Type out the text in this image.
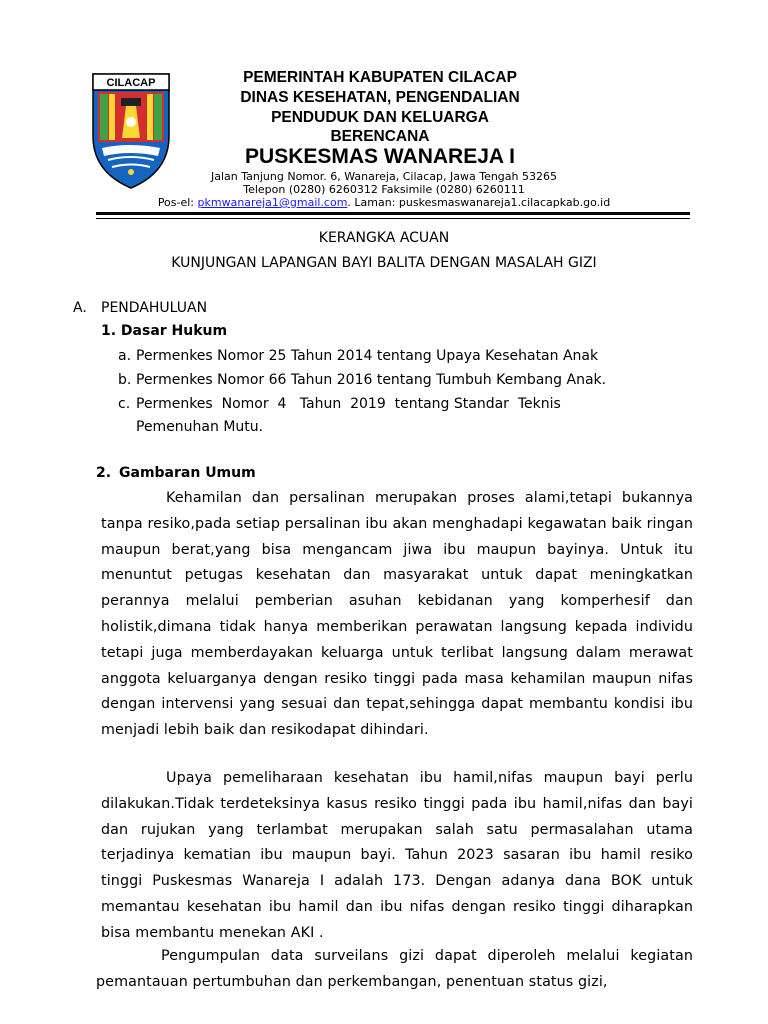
CILACAP	PEMERINTAH KABUPATEN CILACAP
DINAS KESEHATAN, PENGENDALIAN
PENDUDUK DAN KELUARGA
BERENCANA
PUSKESMAS WANAREJA I
Jalan Tanjung Nomor. 6, Wanareja, Cilacap, Jawa Tengah 53265
Telepon (0280) 6260312 Faksimile (0280) 6260111
Pos-el: pkmwanareja1@gmail.com. Laman: puskesmaswanareja1.cilacapkab.go.id
KERANGKA ACUAN
KUNJUNGAN LAPANGAN BAYI BALITA DENGAN MASALAH GIZI
A. PENDAHULUAN
1. Dasar Hukum
a. Permenkes Nomor 25 Tahun 2014 tentang Upaya Kesehatan Anak
b. Permenkes Nomor 66 Tahun 2016 tentang Tumbuh Kembang Anak.
c. Permenkes  Nomor  4   Tahun  2019  tentang Standar  Teknis
Pemenuhan Mutu.
2. Gambaran Umum
Kehamilan dan persalinan merupakan proses alami,tetapi bukannya tanpa resiko,pada setiap persalinan ibu akan menghadapi kegawatan baik ringan maupun berat,yang bisa mengancam jiwa ibu maupun bayinya. Untuk itu menuntut petugas kesehatan dan masyarakat untuk dapat meningkatkan perannya melalui pemberian asuhan kebidanan yang komperhesif dan holistik,dimana tidak hanya memberikan perawatan langsung kepada individu tetapi juga memberdayakan keluarga untuk terlibat langsung dalam merawat anggota keluarganya dengan resiko tinggi pada masa kehamilan maupun nifas dengan intervensi yang sesuai dan tepat,sehingga dapat membantu kondisi ibu menjadi lebih baik dan resikodapat dihindari.
Upaya pemeliharaan kesehatan ibu hamil,nifas maupun bayi perlu dilakukan.Tidak terdeteksinya kasus resiko tinggi pada ibu hamil,nifas dan bayi dan rujukan yang terlambat merupakan salah satu permasalahan utama terjadinya kematian ibu maupun bayi. Tahun 2023 sasaran ibu hamil resiko tinggi Puskesmas Wanareja I adalah 173. Dengan adanya dana BOK untuk memantau kesehatan ibu hamil dan ibu nifas dengan resiko tinggi diharapkan bisa membantu menekan AKI .
Pengumpulan data surveilans gizi dapat diperoleh melalui kegiatan pemantauan pertumbuhan dan perkembangan, penentuan status gizi,
